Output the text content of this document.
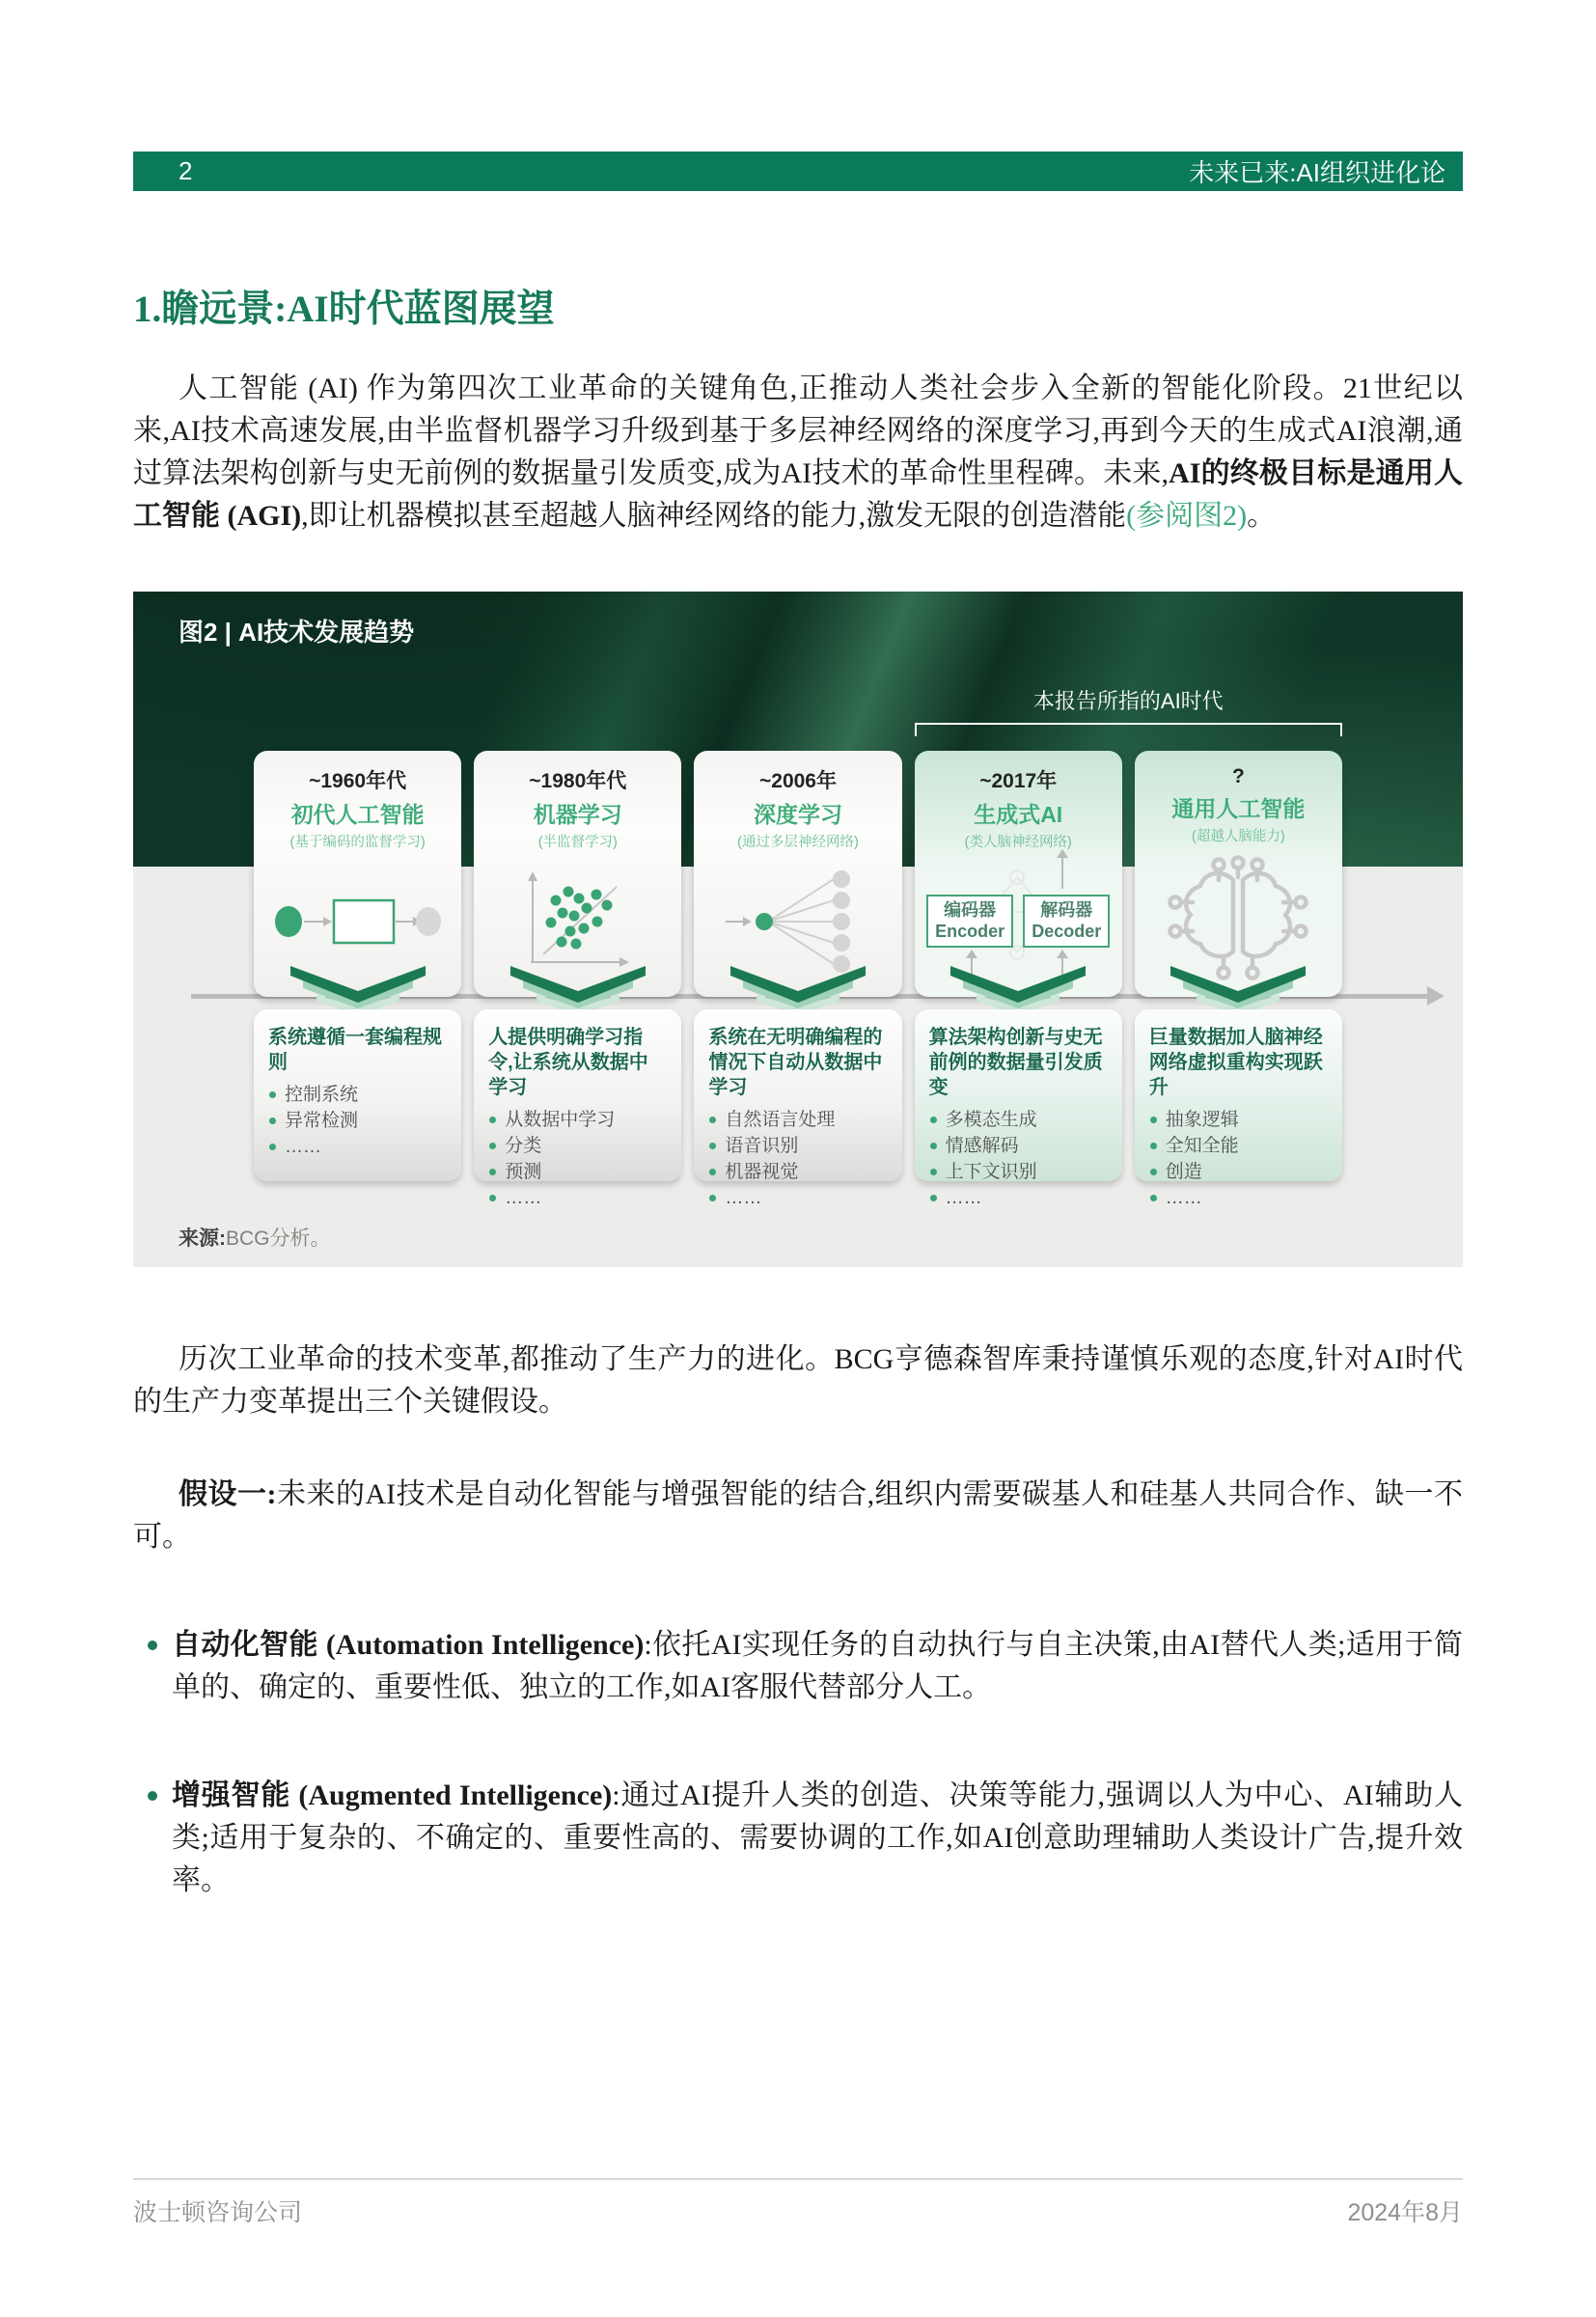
2	未来已来:AI组织进化论
1.瞻远景:AI时代蓝图展望

人工智能 (AI) 作为第四次工业革命的关键角色,正推动人类社会步入全新的智能化阶段。21世纪以来,AI技术高速发展,由半监督机器学习升级到基于多层神经网络的深度学习,再到今天的生成式AI浪潮,通过算法架构创新与史无前例的数据量引发质变,成为AI技术的革命性里程碑。未来,AI的终极目标是通用人工智能 (AGI),即让机器模拟甚至超越人脑神经网络的能力,激发无限的创造潜能(参阅图2)。

图2 | AI技术发展趋势
本报告所指的AI时代
~1960年代
初代人工智能
(基于编码的监督学习)
~1980年代
机器学习
(半监督学习)
~2006年
深度学习
(通过多层神经网络)
~2017年
生成式AI
(类人脑神经网络)
编码器
Encoder
解码器
Decoder
?
通用人工智能
(超越人脑能力)
系统遵循一套编程规则
控制系统
异常检测
……
人提供明确学习指令,让系统从数据中学习
从数据中学习
分类
预测
……
系统在无明确编程的情况下自动从数据中学习
自然语言处理
语音识别
机器视觉
……
算法架构创新与史无前例的数据量引发质变
多模态生成
情感解码
上下文识别
……
巨量数据加人脑神经网络虚拟重构实现跃升
抽象逻辑
全知全能
创造
……
来源:BCG分析。

历次工业革命的技术变革,都推动了生产力的进化。BCG亨德森智库秉持谨慎乐观的态度,针对AI时代的生产力变革提出三个关键假设。

假设一:未来的AI技术是自动化智能与增强智能的结合,组织内需要碳基人和硅基人共同合作、缺一不可。

自动化智能 (Automation Intelligence):依托AI实现任务的自动执行与自主决策,由AI替代人类;适用于简单的、确定的、重要性低、独立的工作,如AI客服代替部分人工。
增强智能 (Augmented Intelligence):通过AI提升人类的创造、决策等能力,强调以人为中心、AI辅助人类;适用于复杂的、不确定的、重要性高的、需要协调的工作,如AI创意助理辅助人类设计广告,提升效率。
波士顿咨询公司	2024年8月
